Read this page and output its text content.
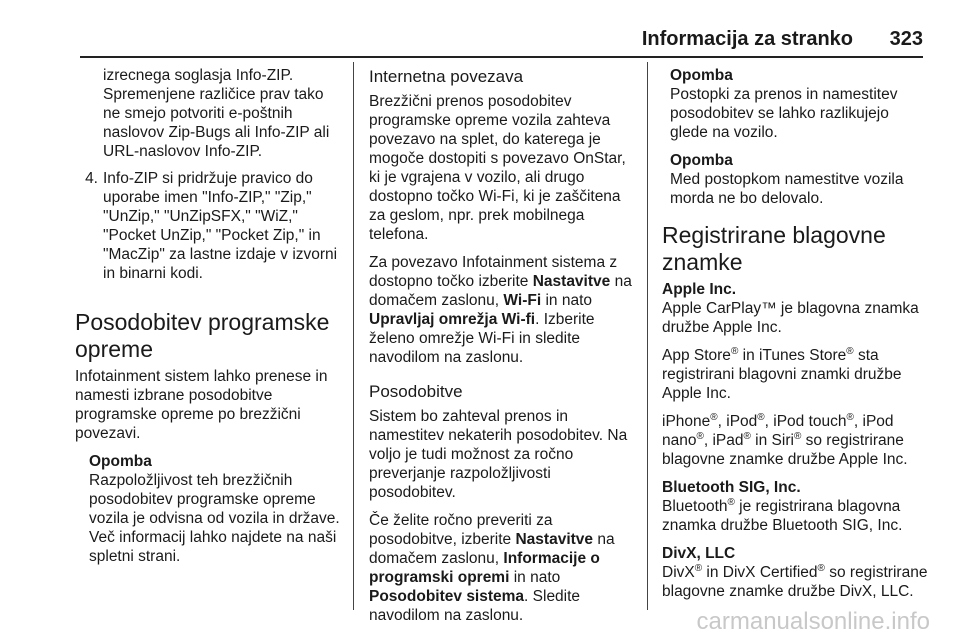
Informacija za stranko 323

izrecnega soglasja Info-ZIP. Spremenjene različice prav tako ne smejo potvoriti e-poštnih naslovov Zip-Bugs ali Info-ZIP ali URL-naslovov Info-ZIP.

4. Info-ZIP si pridržuje pravico do uporabe imen "Info-ZIP," "Zip," "UnZip," "UnZipSFX," "WiZ," "Pocket UnZip," "Pocket Zip," in "MacZip" za lastne izdaje v izvorni in binarni kodi.
Posodobitev programske opreme

Infotainment sistem lahko prenese in namesti izbrane posodobitve programske opreme po brezžični povezavi.

Opomba
Razpoložljivost teh brezžičnih posodobitev programske opreme vozila je odvisna od vozila in države. Več informacij lahko najdete na naši spletni strani.
Internetna povezava

Brezžični prenos posodobitev programske opreme vozila zahteva povezavo na splet, do katerega je mogoče dostopiti s povezavo OnStar, ki je vgrajena v vozilo, ali drugo dostopno točko Wi-Fi, ki je zaščitena za geslom, npr. prek mobilnega telefona.

Za povezavo Infotainment sistema z dostopno točko izberite Nastavitve na domačem zaslonu, Wi-Fi in nato Upravljaj omrežja Wi-fi. Izberite želeno omrežje Wi-Fi in sledite navodilom na zaslonu.

Posodobitve

Sistem bo zahteval prenos in namestitev nekaterih posodobitev. Na voljo je tudi možnost za ročno preverjanje razpoložljivosti posodobitev.

Če želite ročno preveriti za posodobitve, izberite Nastavitve na domačem zaslonu, Informacije o programski opremi in nato Posodobitev sistema. Sledite navodilom na zaslonu.

Opomba
Postopki za prenos in namestitev posodobitev se lahko razlikujejo glede na vozilo.
Opomba
Med postopkom namestitve vozila morda ne bo delovalo.
Registrirane blagovne znamke
Apple Inc.

Apple CarPlay™ je blagovna znamka družbe Apple Inc.

App Store® in iTunes Store® sta registrirani blagovni znamki družbe Apple Inc.

iPhone®, iPod®, iPod touch®, iPod nano®, iPad® in Siri® so registrirane blagovne znamke družbe Apple Inc.

Bluetooth SIG, Inc.

Bluetooth® je registrirana blagovna znamka družbe Bluetooth SIG, Inc.

DivX, LLC

DivX® in DivX Certified® so registrirane blagovne znamke družbe DivX, LLC.

carmanualsonline.info
